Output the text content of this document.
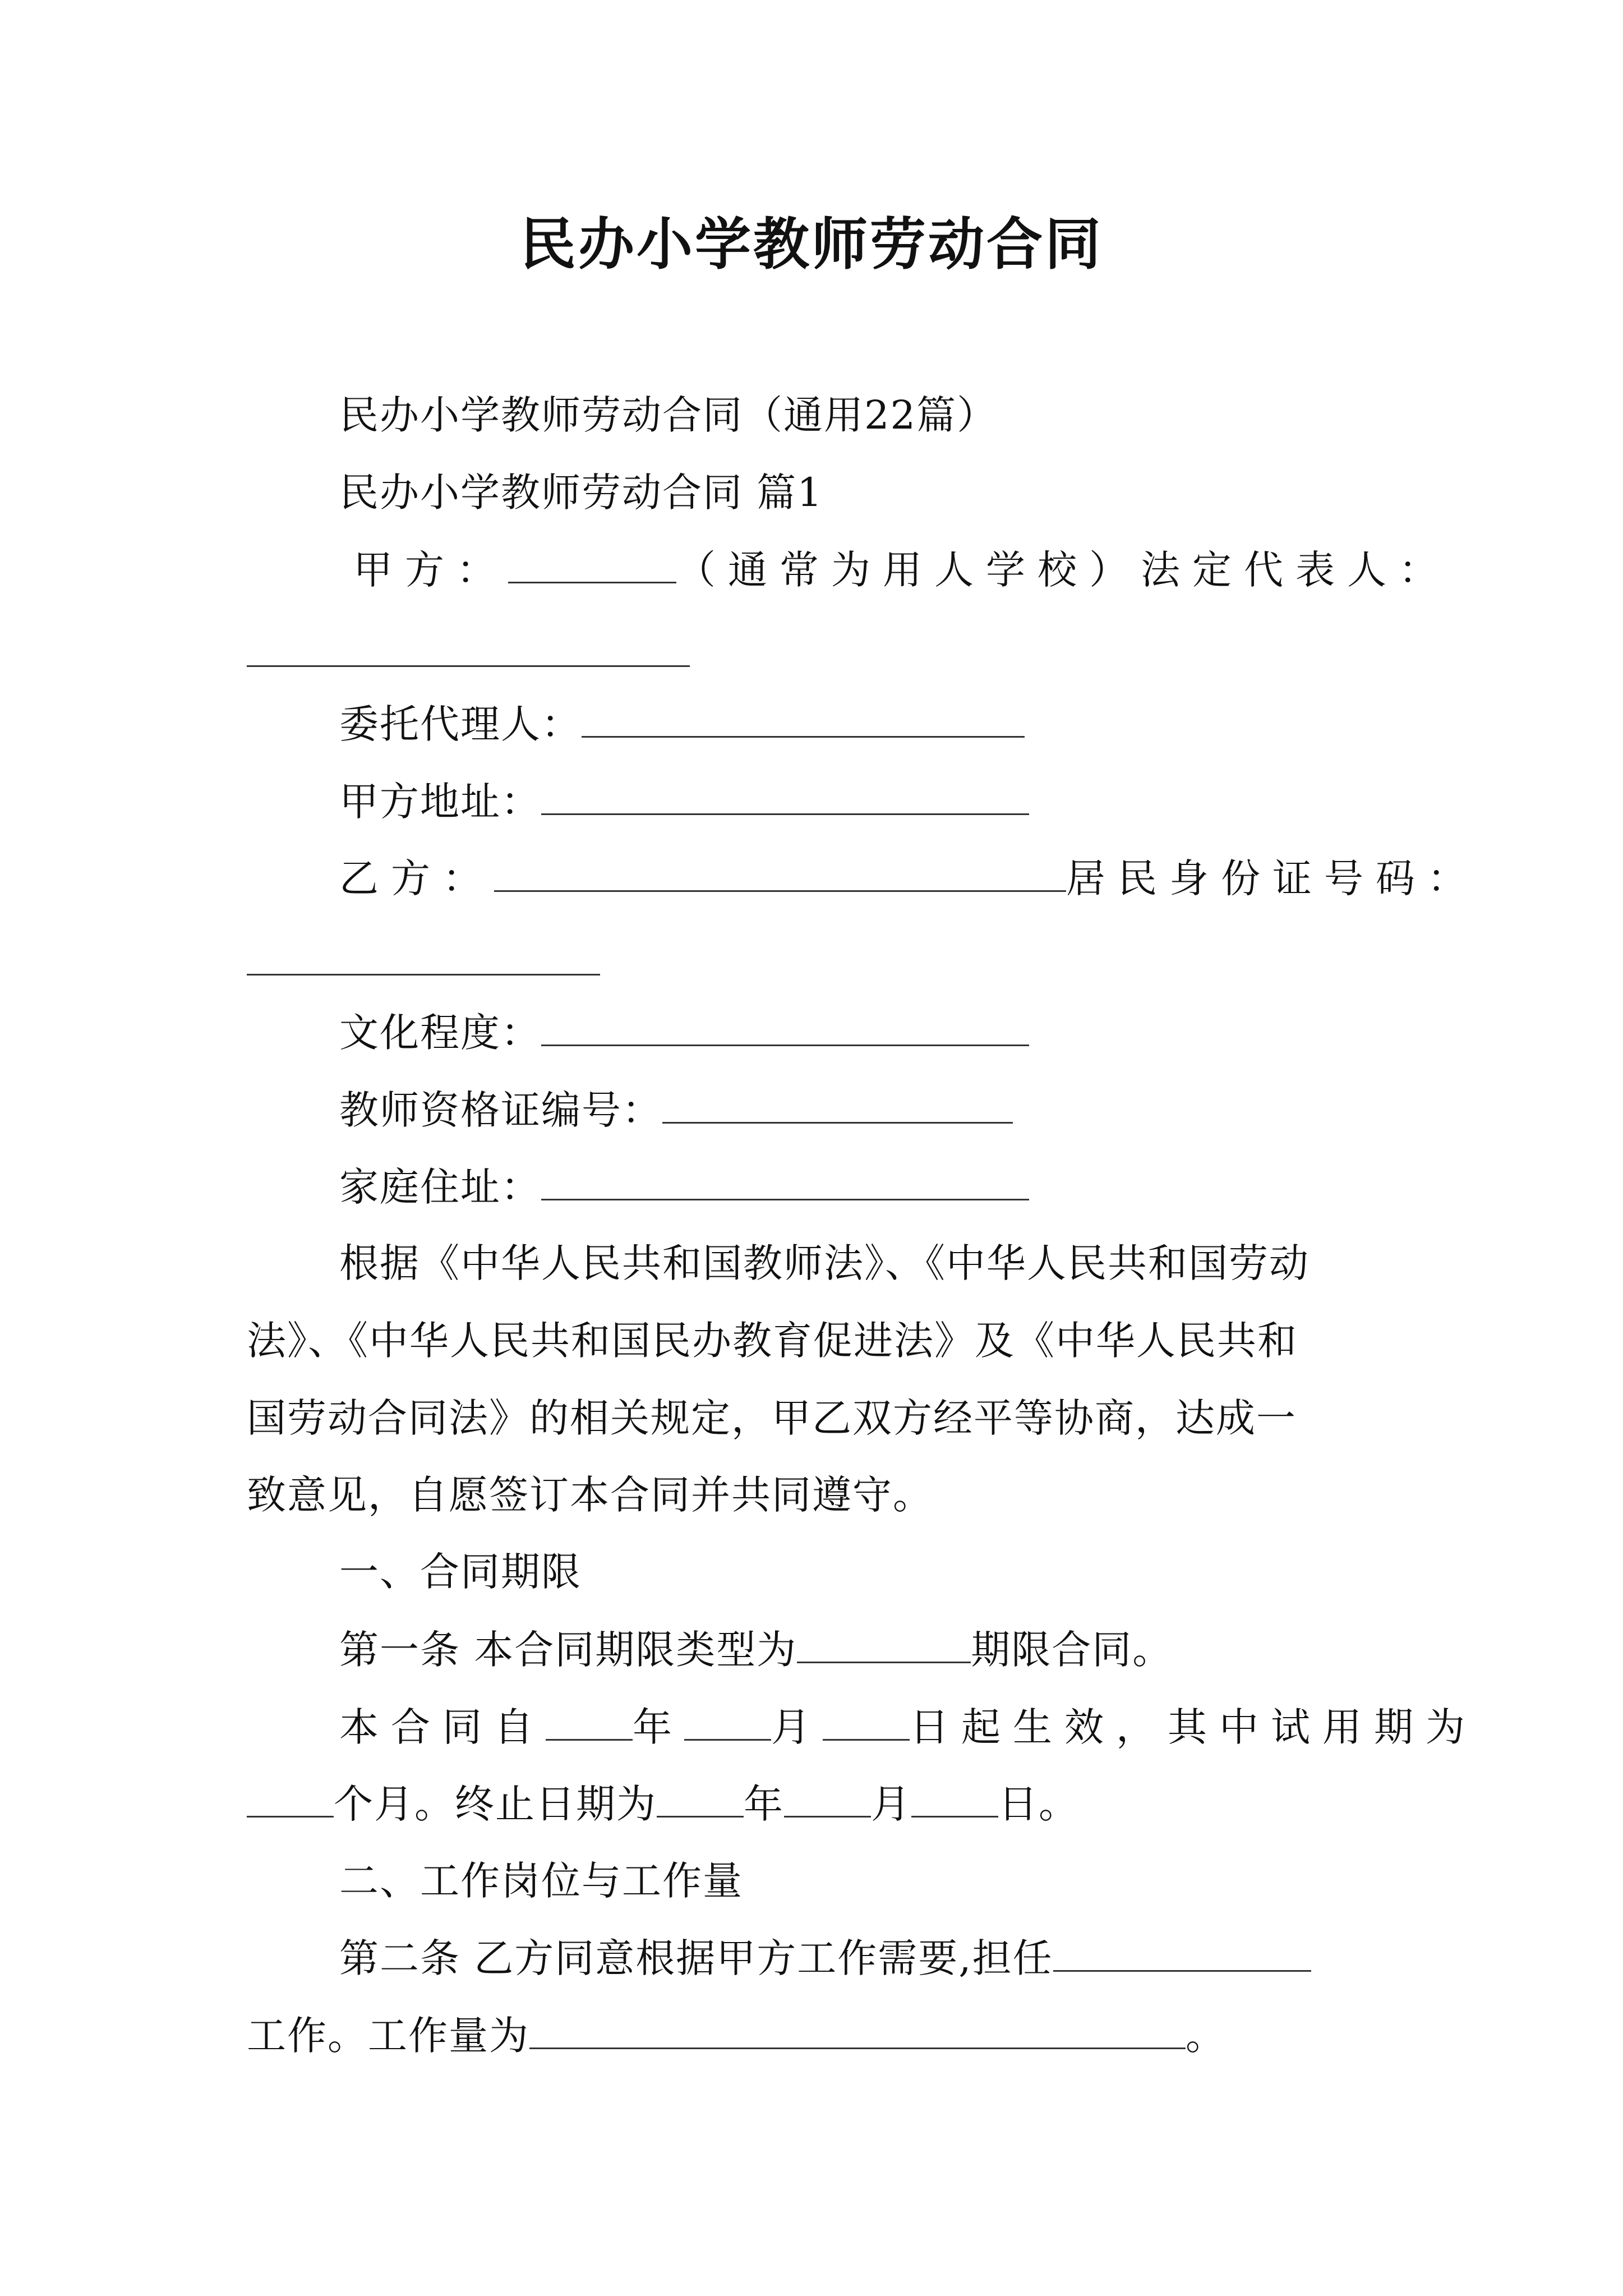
民办小学教师劳动合同
民办小学教师劳动合同（通用22篇）
民办小学教师劳动合同 篇1
甲方：	（通常为用人学校）法定代表人：
委托代理人：
甲方地址：
乙方：	居民身份证号码：
文化程度：
教师资格证编号：
家庭住址：
根据《中华人民共和国教师法》、《中华人民共和国劳动
法》、《中华人民共和国民办教育促进法》及《中华人民共和
国劳动合同法》的相关规定，甲乙双方经平等协商，达成一
致意见，自愿签订本合同并共同遵守。
一、合同期限
第一条 本合同期限类型为	期限合同。
本合同自 年 月 日起生效，其中试用期为
个月。终止日期为 年 月 日。
二、工作岗位与工作量
第二条 乙方同意根据甲方工作需要,担任
工作。工作量为	。
